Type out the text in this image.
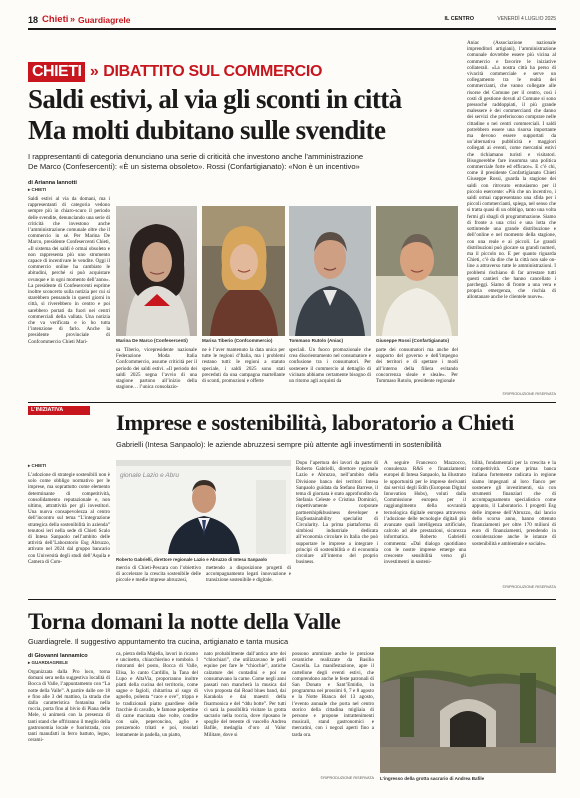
18 Chieti » Guardiagrele	IL CENTRO	VENERDÌ 4 LUGLIO 2025
CHIETI » DIBATTITO SUL COMMERCIO
Saldi estivi, al via gli sconti in città
Ma molti dubitano sulle svendite
I rappresentanti di categoria denunciano una serie di criticità che investono anche l’amministrazione
De Marco (Confesercenti): «È un sistema obsoleto». Rossi (Confartigianato): «Non è un incentivo»
di Arianna Iannotti
▸ CHIETI
Saldi estivi al via da domani, ma i rappresentanti di categoria vedono sempre più in chiaro-scuro il periodo delle svendite, denunciando una serie di criticità che investono anche l’amministrazione comunale oltre che il commercio in sé. Per Marina De Marco, presidente Confesercenti Chieti, «Il sistema dei saldi è ormai obsoleto e non rappresenta più uno strumento capace di incentivare le vendite. Oggi il commercio online ha cambiato le abitudini, perché si può acquistare ovunque e in ogni momento dell’anno». La presidente di Confesercenti esprime inoltre sconcerto sulla notizia per cui si starebbero pensando in questi giorni in città, si riverebbero in centro e poi sarebbero portati da fuori nei centri commerciali della vallata. Una notizia che va verificata e io ho tutta l’intenzione di farlo. Anche la presidente provinciale di Confcommercio Chieti Mari-	Marina De Marco (Confesercenti)	Marisa Tiberio (Confcommercio)	Tommaso Rutolo (Aniac)	Giuseppe Rossi (Confartigianato)
sa Tiberio, vicepresidente nazionale Federazione Moda Italia Confcommercio, assume criticità per il periodo dei saldi estivi. «Il periodo dei saldi 2025 segna l’avvio di una stagione partono all’inizio della stagione… l’unica consolazio-
ne è l’aver mantenuto la data unica per tutte le regioni d’Italia, ma i problemi restano tutti: le regioni a statuto speciale, i saldi 2025 sono stati preceduti da una campagna martellante di sconti, promozioni e offerte
speciali. Un fuoco promozionale che crea disorientamento nel consumatore e confusione tra i consumatori. Per sostenere il commercio al dettaglio di vicinato abbiamo certamente bisogno di un ritorno agli acquisti da
parte dei consumatori ma anche del supporto del governo e dell’impegno dei territori e di spettare i modi all’interno della filiera evitando concorrenza sleale e sleale». Per Tommaso Rutolo, presidente regionale
Aniac (Associazione nazionale imprenditori artigiani), l’amministrazione comunale dovrebbe essere più vicina al commercio e favorire le iniziative collaterali. «La nostra città ha perso di vivacità commerciale e serve un collegamento tra le realtà dei commercianti, che vanno collegate alle risorse del Comune per il centro, così i costi di gestione dovuti al Comune si sono pressoché raddoppiati, il più grande malessere è dei commercianti che danno dei servizi che preferiscono comprare nelle cittadine o nei centri commerciali. I saldi potrebbero essere una risorsa importante ma devono essere supportati da un’alternativa pubblicità e maggiori collegati ai eventi, come mercatini estivi che richiamano turisti e visitatori. Bisognerebbe fare insomma una politica commerciale forte ed efficace». E c’è chi, come il presidente Confartigianato Chieti Giuseppe Rossi, guarda la stagione dei saldi con ritrovato entusiasmo per il piccolo esercente: «Più che un incentivo, i saldi ormai rappresentano una sfida per i piccoli commercianti, spiega, nel senso che si tratta quasi di un obbligo, tanto una volta fermi gli sbagli di programmazione. Siamo di fronte a una crisi e una lotta che sottintende una grande distribuzione e dell’online e nel momento della stagione, con una reale e ai piccoli. Le grandi distribuzioni può giocare su grandi numeri, ma il piccolo no. E per quanto riguarda Chieti, c’è da dire che la città non sale on-line a attraverso tutte le amministrazioni. I problemi rischiano di far arrestare tutti questi cantieri che hanno cancellato i parcheggi. Siamo di fronte a una vera e propria emergenza, che rischia di allontanare anche le clientele nuove».
©RIPRODUZIONE RISERVATA
L’INIZIATIVA	Imprese e sostenibilità, laboratorio a Chieti
Gabrielli (Intesa Sanpaolo): le aziende abruzzesi sempre più attente agli investimenti in sostenibilità
▸ CHIETI
L’adozione di strategie sostenibili non è solo come obbligo normativo per le imprese, ma soprattutto come elemento determinante di competitività, consolidamento reputazionale e, non ultimo, attrattività per gli investitori. Una nuova consapevolezza al centro dell’incontro sul tema “L’integrazione strategica della sostenibilità in azienda” tenutosi ieri nella sede di Chieti Scalo di Intesa Sanpaolo nell’ambito delle attività dell’Laboratorio Esg Abruzzo, attivato nel 2024 dal gruppo bancario con Università degli studi dell’Aquila e Camera di Com-
gionale Lazio e Abru
Roberto Gabrielli, direttore regionale Lazio e Abruzzo di Intesa Sanpaolo
mercio di Chieti-Pescara con l’obiettivo di accelerare la crescita sostenibile delle piccole e medie imprese abruzzesi,
mettendo a disposizione progetti di accompagnamento legati innovazione e transizione sostenibile e digitale.
Dopo l’apertura dei lavori da parte di Roberto Gabrielli, direttore regionale Lazio e Abruzzo, nell’ambito della Divisione banca dei territori Intesa Sanpaolo guidata da Stefano Barrese, il tema di giornata è stato approfondito da Stefania Celeste e Cristina Dominici, rispettivamente corporate partnership&business developer e EsgSustainability specialist di Circularity. La prima piattaforma di simbiosi industriale dedicata all’economia circolare in Italia che può supportare le imprese a integrare i principi di sostenibilità e di economia circolare all’interno del proprio business.
A seguire Francesco Mazzocco, consulenza R&S e finanziamenti europei di Intesa Sanpaolo, ha illustrato le opportunità per le imprese derivanti dai servizi degli Edih (European Digital Innovation Hubs), voluti dalla Commissione europea per il raggiungimento della sovranità tecnologica digitale europea attraverso l’adozione delle tecnologie digitali più avanzate quali intelligenza artificiale, calcolo ad alte prestazioni, sicurezza informatica. Roberto Gabrielli commenta: «Dal dialogo quotidiano con le nostre imprese emerge una crescente sensibilità verso gli investimenti in sosteni-
bilità, fondamentali per la crescita e la competitività. Come prima banca italiana fortemente radicata in regione siamo impegnati al loro fianco per sostenere gli investimenti, sia con strumenti finanziari che di accompagnamento specialistico come appunto, il Laboratorio. I progetti Esg delle imprese dell’Abruzzo, dal lancio dello scorso anno, hanno ottenuto finanziamenti per oltre 170 milioni di euro di finanziamenti, prendendo in considerazione anche le istanze di sostenibilità e ambientale e sociale».
©RIPRODUZIONE RISERVATA
Torna domani la notte della Valle
Guardiagrele. Il suggestivo appuntamento tra cucina, artigianato e tanta musica
di Giovanni Iannamico
▸ GUARDIAGRELE
Organizzata dalla Pro loco, torna domani sera nella suggestiva località di Bocca di Valle, l’appuntamento con “La notte della Valle”. A partire dalle ore 18 e fino alle 3 del mattino, la strada che dalla caratteristica fontanina nella roccia, porta fino al bivio di Piana delle Mele, si animerà con la presenza di tanti stand che offriranno il meglio della gastronomia locale e fuoristrada, con tanti manufatti in ferro battuto, legno, cerami-
ca, pietra della Majella, lavori in ricamo e uncinetto, chiacchierino e tombolo. I ristoranti del posto, Bocca di Valle, Elisa, Io canto Cardillo, la Tana del Lupo e AltaVia, proporranno inoltre piatti della cucina del territorio, come sagne e fagioli, chitarrina al sugo di agnello, polenta “cace e ove”, trippa e le tradizionali piatto guardiese delle fracchie di cavallo, le famose polpettine di carne macinata due volte, condite con sale, peperoncino, aglio e prezzemolo tritati e poi, rosolati lentamente in padella, un piatto,
nato probabilmente dall’antica arte dei “chiochiari”, che utilizzavano le pelli equine per fare le “chiochie”, antiche calzature dei contadini e poi ne consumavano la carne. Come negli anni passati non mancherà la musica dal vivo proposta dal Road blues band, dai Karakola e dai maestri della fisarmonica e del “ddu botte”. Per tutti ci sarà la possibilità visitare la grotta sacrario nella roccia, dove riposano le spoglie del tenente di vascello Andrea Bafile, medaglia d’oro al Valor Militare, dove si
possono ammirare anche le preziose ceramiche realizzate da Basilio Cascella. La manifestazione, apre il cartellone degli eventi estivi, che comprendono anche le feste patronali di San Donato e Sant’Emidio, in programma nei prossimi 6, 7 e 8 agosto e la Notte Bianca del 13 agosto, l’evento annuale che porta nel centro storico della cittadina migliaia di persone e propone intrattenimenti musicali, stand gastronomici e mercatini, con i negozi aperti fino a tarda ora.
©RIPRODUZIONE RISERVATA L’ingresso della grotta sacrario di Andrea Bafile
